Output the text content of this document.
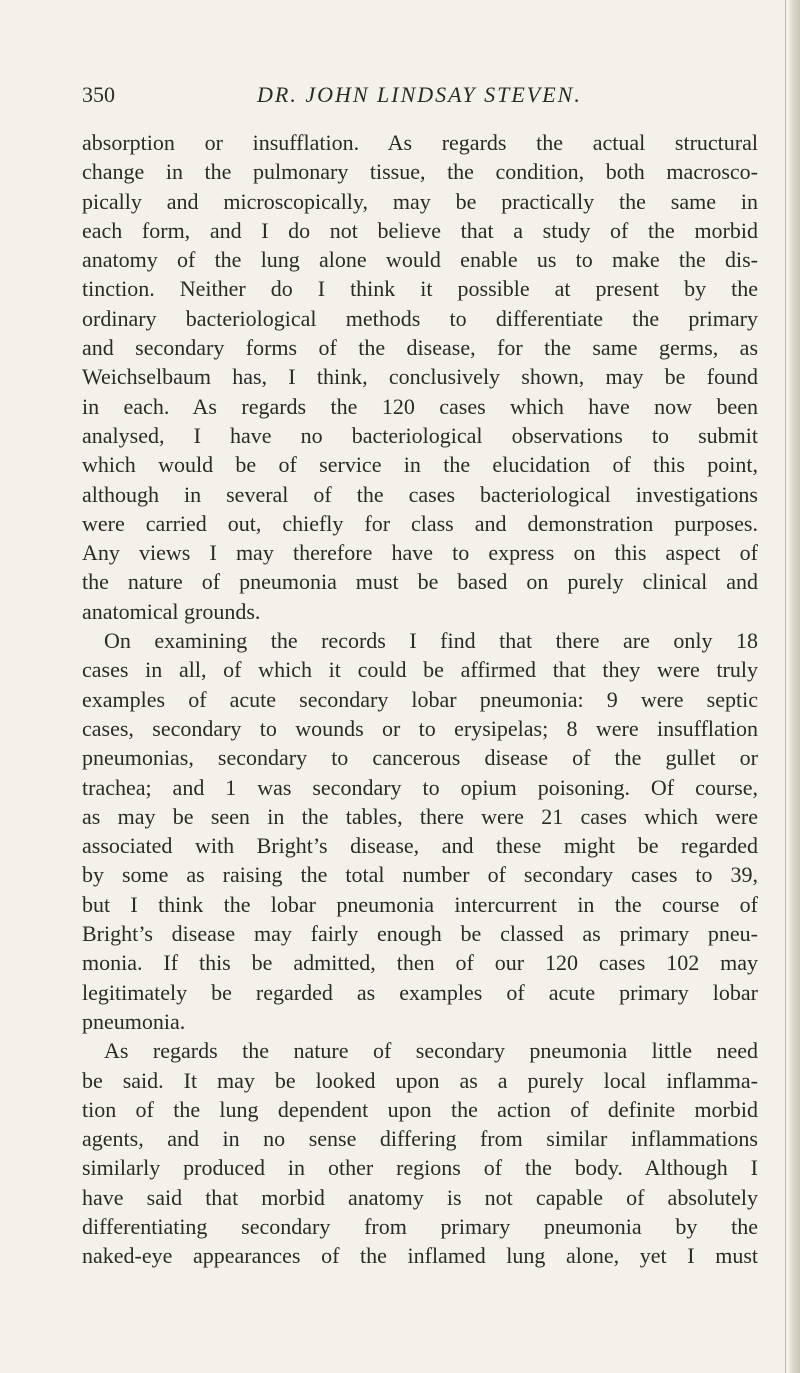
350	DR. JOHN LINDSAY STEVEN.
absorption or insufflation. As regards the actual structural
change in the pulmonary tissue, the condition, both macrosco-
pically and microscopically, may be practically the same in
each form, and I do not believe that a study of the morbid
anatomy of the lung alone would enable us to make the dis-
tinction. Neither do I think it possible at present by the
ordinary bacteriological methods to differentiate the primary
and secondary forms of the disease, for the same germs, as
Weichselbaum has, I think, conclusively shown, may be found
in each. As regards the 120 cases which have now been
analysed, I have no bacteriological observations to submit
which would be of service in the elucidation of this point,
although in several of the cases bacteriological investigations
were carried out, chiefly for class and demonstration purposes.
Any views I may therefore have to express on this aspect of
the nature of pneumonia must be based on purely clinical and
anatomical grounds.
On examining the records I find that there are only 18
cases in all, of which it could be affirmed that they were truly
examples of acute secondary lobar pneumonia: 9 were septic
cases, secondary to wounds or to erysipelas; 8 were insufflation
pneumonias, secondary to cancerous disease of the gullet or
trachea; and 1 was secondary to opium poisoning. Of course,
as may be seen in the tables, there were 21 cases which were
associated with Bright’s disease, and these might be regarded
by some as raising the total number of secondary cases to 39,
but I think the lobar pneumonia intercurrent in the course of
Bright’s disease may fairly enough be classed as primary pneu-
monia. If this be admitted, then of our 120 cases 102 may
legitimately be regarded as examples of acute primary lobar
pneumonia.
As regards the nature of secondary pneumonia little need
be said. It may be looked upon as a purely local inflamma-
tion of the lung dependent upon the action of definite morbid
agents, and in no sense differing from similar inflammations
similarly produced in other regions of the body. Although I
have said that morbid anatomy is not capable of absolutely
differentiating secondary from primary pneumonia by the
naked-eye appearances of the inflamed lung alone, yet I must
